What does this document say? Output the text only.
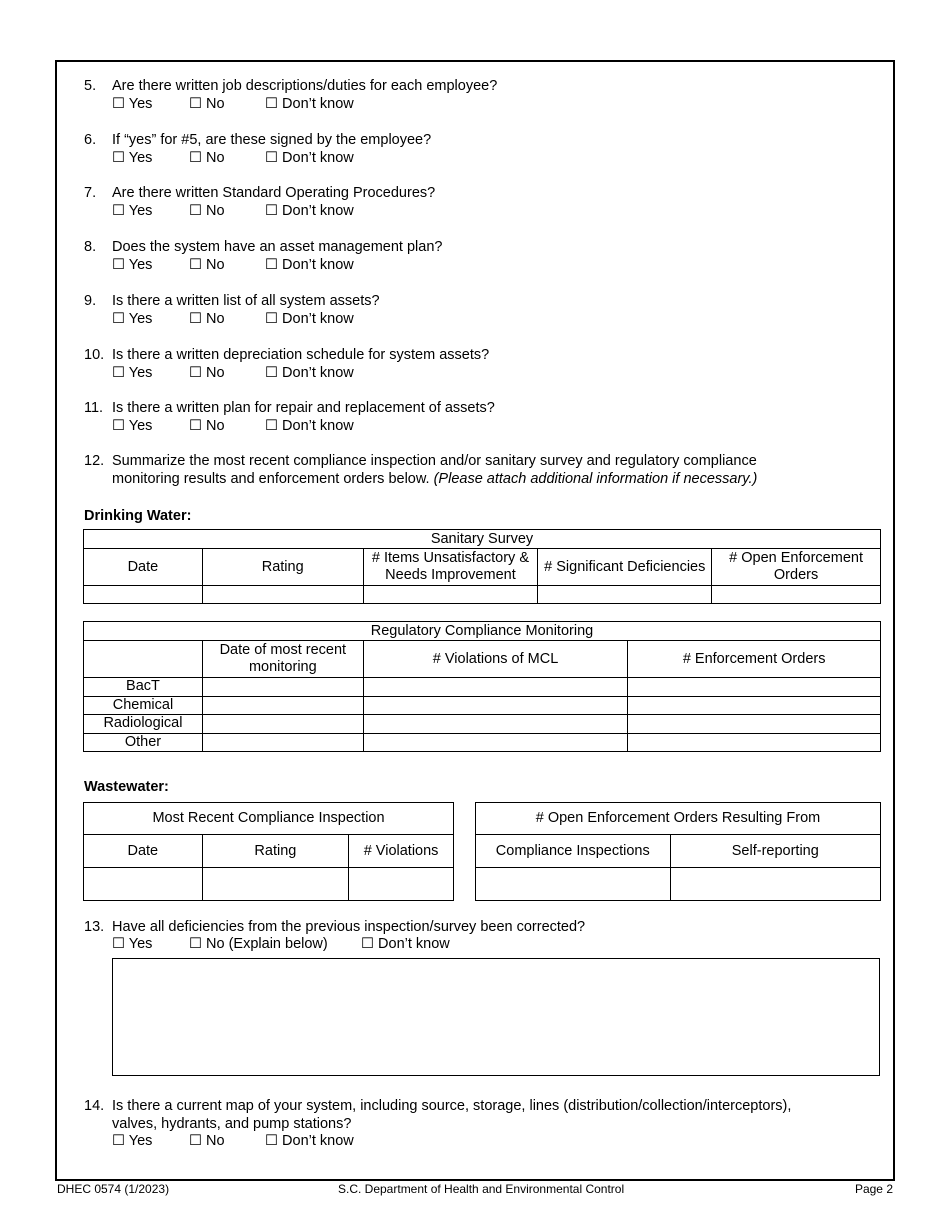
5. Are there written job descriptions/duties for each employee?
☐ Yes	☐ No	☐ Don’t know
6. If “yes” for #5, are these signed by the employee?
☐ Yes	☐ No	☐ Don’t know
7. Are there written Standard Operating Procedures?
☐ Yes	☐ No	☐ Don’t know
8. Does the system have an asset management plan?
☐ Yes	☐ No	☐ Don’t know
9. Is there a written list of all system assets?
☐ Yes	☐ No	☐ Don’t know
10. Is there a written depreciation schedule for system assets?
☐ Yes	☐ No	☐ Don’t know
11. Is there a written plan for repair and replacement of assets?
☐ Yes	☐ No	☐ Don’t know
12. Summarize the most recent compliance inspection and/or sanitary survey and regulatory compliance
monitoring results and enforcement orders below. (Please attach additional information if necessary.)
Drinking Water:
Sanitary Survey				
Date	Rating	# Items Unsatisfactory & Needs Improvement	# Significant Deficiencies	# Open Enforcement Orders

Regulatory Compliance Monitoring			
	Date of most recent monitoring	# Violations of MCL	# Enforcement Orders
BacT			
Chemical			
Radiological			
Other			
Wastewater:
Most Recent Compliance Inspection		
Date	Rating	# Violations

# Open Enforcement Orders Resulting From	
Compliance Inspections	Self-reporting

13. Have all deficiencies from the previous inspection/survey been corrected?
☐ Yes	☐ No (Explain below) ☐ Don’t know
14. Is there a current map of your system, including source, storage, lines (distribution/collection/interceptors),
valves, hydrants, and pump stations?
☐ Yes	☐ No	☐ Don’t know
DHEC 0574 (1/2023)	S.C. Department of Health and Environmental Control	Page 2
